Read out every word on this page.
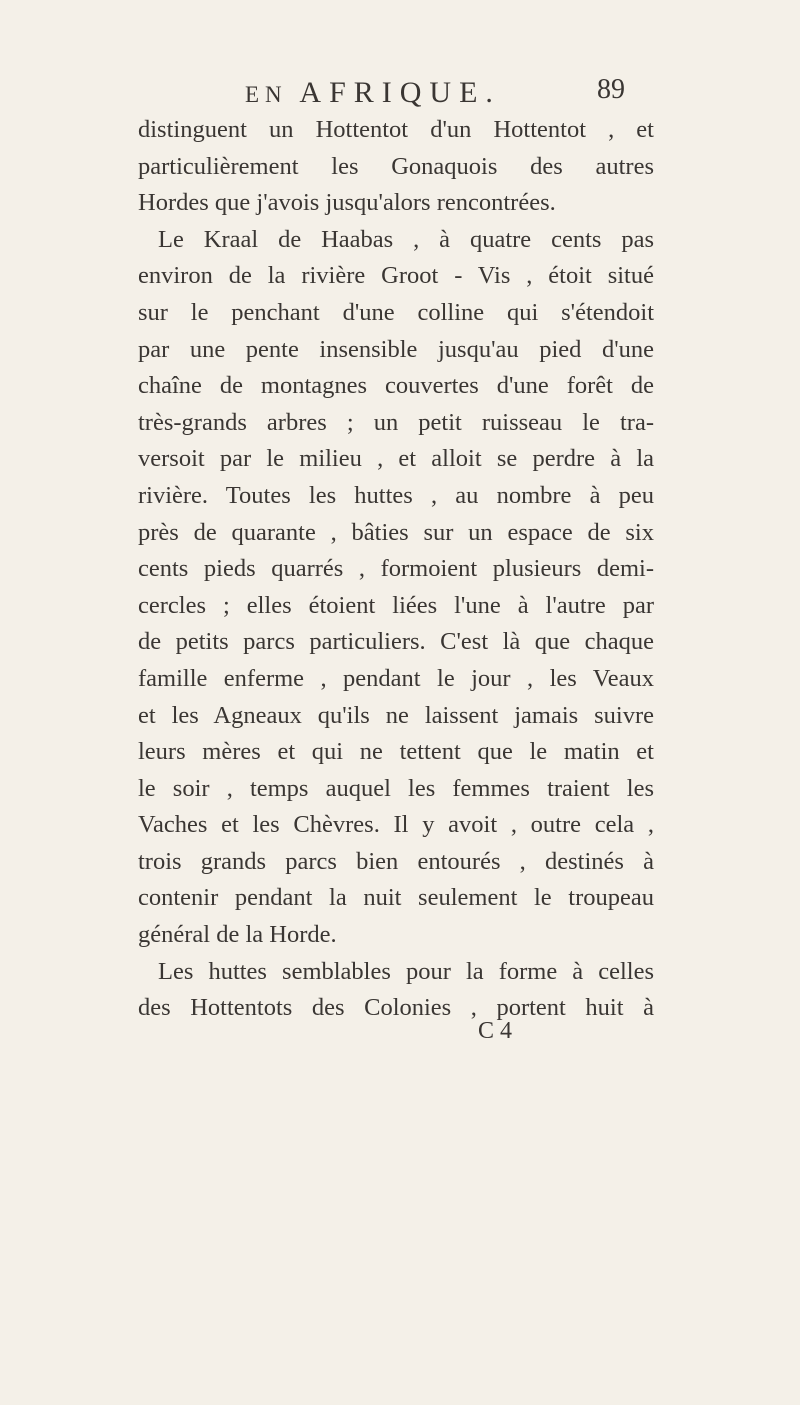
EN AFRIQUE.	89
distinguent un Hottentot d'un Hottentot , et
particulièrement les Gonaquois des autres
Hordes que j'avois jusqu'alors rencontrées.
Le Kraal de Haabas , à quatre cents pas
environ de la rivière Groot - Vis , étoit situé
sur le penchant d'une colline qui s'étendoit
par une pente insensible jusqu'au pied d'une
chaîne de montagnes couvertes d'une forêt de
très-grands arbres ; un petit ruisseau le tra-
versoit par le milieu , et alloit se perdre à la
rivière. Toutes les huttes , au nombre à peu
près de quarante , bâties sur un espace de six
cents pieds quarrés , formoient plusieurs demi-
cercles ; elles étoient liées l'une à l'autre par
de petits parcs particuliers. C'est là que chaque
famille enferme , pendant le jour , les Veaux
et les Agneaux qu'ils ne laissent jamais suivre
leurs mères et qui ne tettent que le matin et
le soir , temps auquel les femmes traient les
Vaches et les Chèvres. Il y avoit , outre cela ,
trois grands parcs bien entourés , destinés à
contenir pendant la nuit seulement le troupeau
général de la Horde.
Les huttes semblables pour la forme à celles
des Hottentots des Colonies , portent huit à
C 4
